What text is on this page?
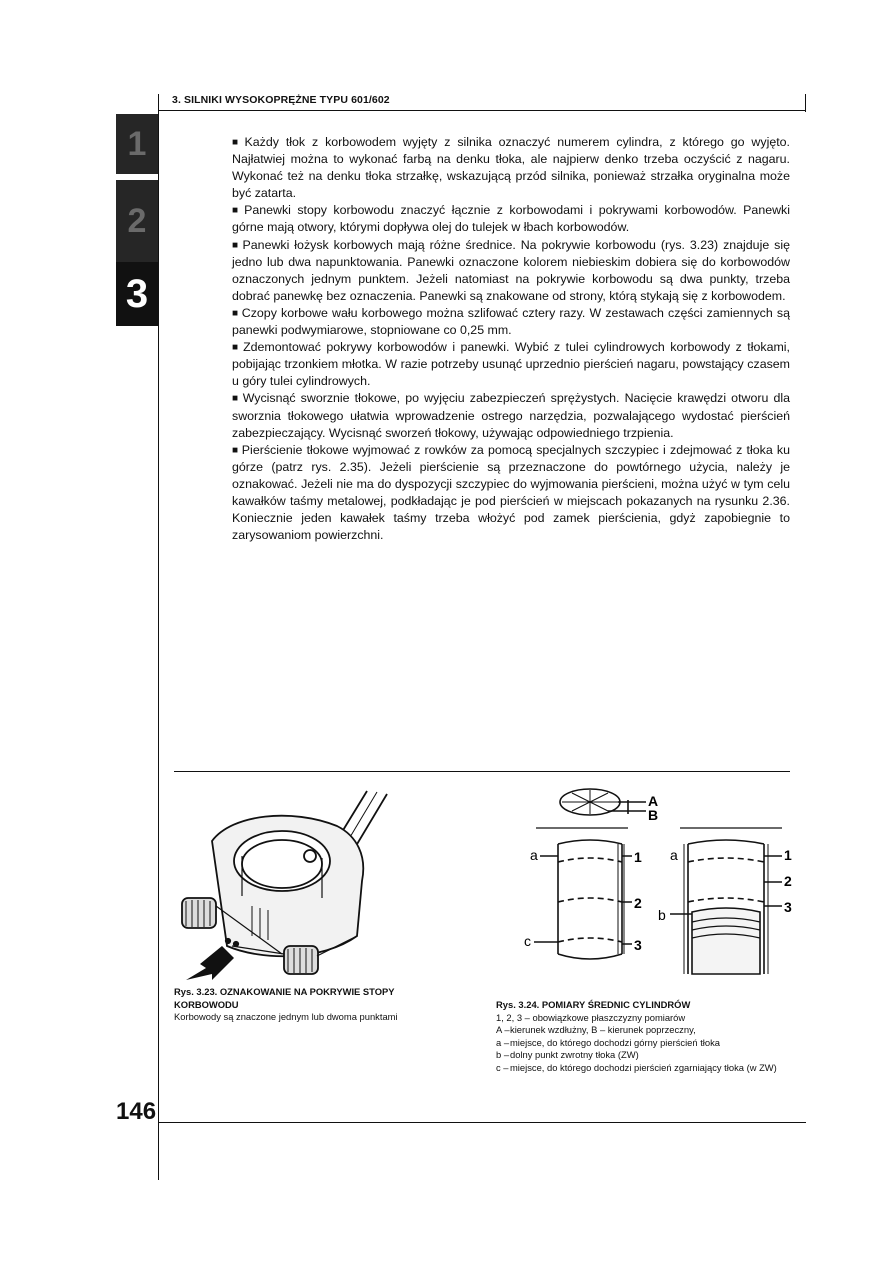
3. SILNIKI WYSOKOPRĘŻNE TYPU 601/602
1
2
3

■ Każdy tłok z korbowodem wyjęty z silnika oznaczyć numerem cylindra, z którego go wyjęto. Najłatwiej można to wykonać farbą na denku tłoka, ale najpierw denko trzeba oczyścić z nagaru. Wykonać też na denku tłoka strzałkę, wskazującą przód silnika, ponieważ strzałka oryginalna może być zatarta.

■ Panewki stopy korbowodu znaczyć łącznie z korbowodami i pokrywami korbowodów. Panewki górne mają otwory, którymi dopływa olej do tulejek w łbach korbowodów.

■ Panewki łożysk korbowych mają różne średnice. Na pokrywie korbowodu (rys. 3.23) znajduje się jedno lub dwa napunktowania. Panewki oznaczone kolorem niebieskim dobiera się do korbowodów oznaczonych jednym punktem. Jeżeli natomiast na pokrywie korbowodu są dwa punkty, trzeba dobrać panewkę bez oznaczenia. Panewki są znakowane od strony, którą stykają się z korbowodem.

■ Czopy korbowe wału korbowego można szlifować cztery razy. W zestawach części zamiennych są panewki podwymiarowe, stopniowane co 0,25 mm.

■ Zdemontować pokrywy korbowodów i panewki. Wybić z tulei cylindrowych korbowody z tłokami, pobijając trzonkiem młotka. W razie potrzeby usunąć uprzednio pierścień nagaru, powstający czasem u góry tulei cylindrowych.

■ Wycisnąć sworznie tłokowe, po wyjęciu zabezpieczeń sprężystych. Nacięcie krawędzi otworu dla sworznia tłokowego ułatwia wprowadzenie ostrego narzędzia, pozwalającego wydostać pierścień zabezpieczający. Wycisnąć sworzeń tłokowy, używając odpowiedniego trzpienia.

■ Pierścienie tłokowe wyjmować z rowków za pomocą specjalnych szczypiec i zdejmować z tłoka ku górze (patrz rys. 2.35). Jeżeli pierścienie są przeznaczone do powtórnego użycia, należy je oznakować. Jeżeli nie ma do dyspozycji szczypiec do wyjmowania pierścieni, można użyć w tym celu kawałków taśmy metalowej, podkładając je pod pierścień w miejscach pokazanych na rysunku 2.36. Koniecznie jeden kawałek taśmy trzeba włożyć pod zamek pierścienia, gdyż zapobiegnie to zarysowaniom powierzchni.

Rys. 3.23. OZNAKOWANIE NA POKRYWIE STOPY KORBOWODU
Korbowody są znaczone jednym lub dwoma punktami
A
B
a	1
2
3
c
a	1
2
3
b
Rys. 3.24. POMIARY ŚREDNIC CYLINDRÓW
1, 2, 3 – obowiązkowe płaszczyzny pomiarów
A – kierunek wzdłużny, B – kierunek poprzeczny,
a – miejsce, do którego dochodzi górny pierścień tłoka
b – dolny punkt zwrotny tłoka (ZW)
c – miejsce, do którego dochodzi pierścień zgarniający tłoka (w ZW)
146
